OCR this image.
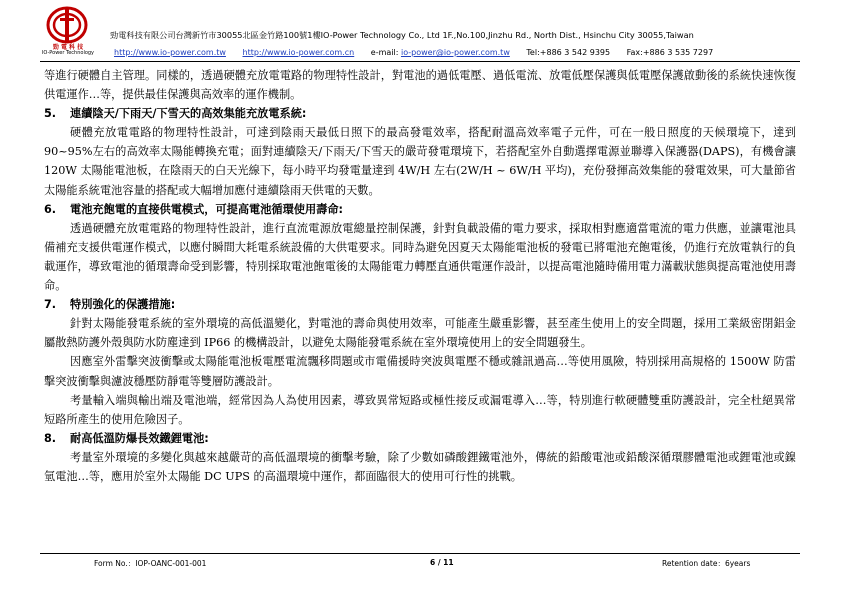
勁 電 科 技
IO-Power Technology
勁電科技有限公司台灣新竹市30055北區金竹路100號1樓IO-Power Technology Co., Ltd 1F.,No.100,Jinzhu Rd., North Dist., Hsinchu City 30055,Taiwan
http://www.io-power.com.tw http://www.io-power.com.cn e-mail: io-power@io-power.com.tw Tel:+886 3 542 9395 Fax:+886 3 535 7297

等進行硬體自主管理。同樣的，透過硬體充放電電路的物理特性設計，對電池的過低電壓、過低電流、放電低壓保護與低電壓保護啟動後的系統快速恢復供電運作…等，提供最佳保護與高效率的運作機制。

5. 連續陰天/下雨天/下雪天的高效集能充放電系統:

硬體充放電電路的物理特性設計，可達到陰雨天最低日照下的最高發電效率，搭配耐溫高效率電子元件，可在一般日照度的天候環境下，達到 90~95%左右的高效率太陽能轉換充電；面對連續陰天/下雨天/下雪天的嚴苛發電環境下，若搭配室外自動選擇電源並聯導入保護器(DAPS)，有機會讓 120W 太陽能電池板，在陰雨天的白天光線下，每小時平均發電量達到 4W/H 左右(2W/H ~ 6W/H 平均)，充份發揮高效集能的發電效果，可大量節省太陽能系統電池容量的搭配或大幅增加應付連續陰雨天供電的天數。

6. 電池充飽電的直接供電模式，可提高電池循環使用壽命:

透過硬體充放電電路的物理特性設計，進行直流電源放電總量控制保護，針對負載設備的電力要求，採取相對應適當電流的電力供應，並讓電池具備補充支援供電運作模式，以應付瞬間大耗電系統設備的大供電要求。同時為避免因夏天太陽能電池板的發電已將電池充飽電後，仍進行充放電執行的負載運作，導致電池的循環壽命受到影響，特別採取電池飽電後的太陽能電力轉壓直通供電運作設計，以提高電池隨時備用電力滿載狀態與提高電池使用壽命。

7. 特別強化的保護措施:

針對太陽能發電系統的室外環境的高低溫變化，對電池的壽命與使用效率，可能產生嚴重影響，甚至產生使用上的安全問題，採用工業級密閉鋁金屬散熱防護外殼與防水防塵達到 IP66 的機構設計，以避免太陽能發電系統在室外環境使用上的安全問題發生。

因應室外雷擊突波衝擊或太陽能電池板電壓電流飄移問題或市電備援時突波與電壓不穩或雜訊過高…等使用風險，特別採用高規格的 1500W 防雷擊突波衝擊與濾波穩壓防靜電等雙層防護設計。

考量輸入端與輸出端及電池端，經常因為人為使用因素，導致異常短路或極性接反或漏電導入…等，特別進行軟硬體雙重防護設計，完全杜絕異常短路所產生的使用危險因子。

8. 耐高低溫防爆長效鐵鋰電池:

考量室外環境的多變化與越來越嚴苛的高低溫環境的衝擊考驗，除了少數如磷酸鋰鐵電池外，傳統的鉛酸電池或鉛酸深循環膠體電池或鋰電池或鎳氫電池…等，應用於室外太陽能 DC UPS 的高溫環境中運作，都面臨很大的使用可行性的挑戰。

Form No.：IOP-OANC-001-001	6 / 11	Retention date：6years
